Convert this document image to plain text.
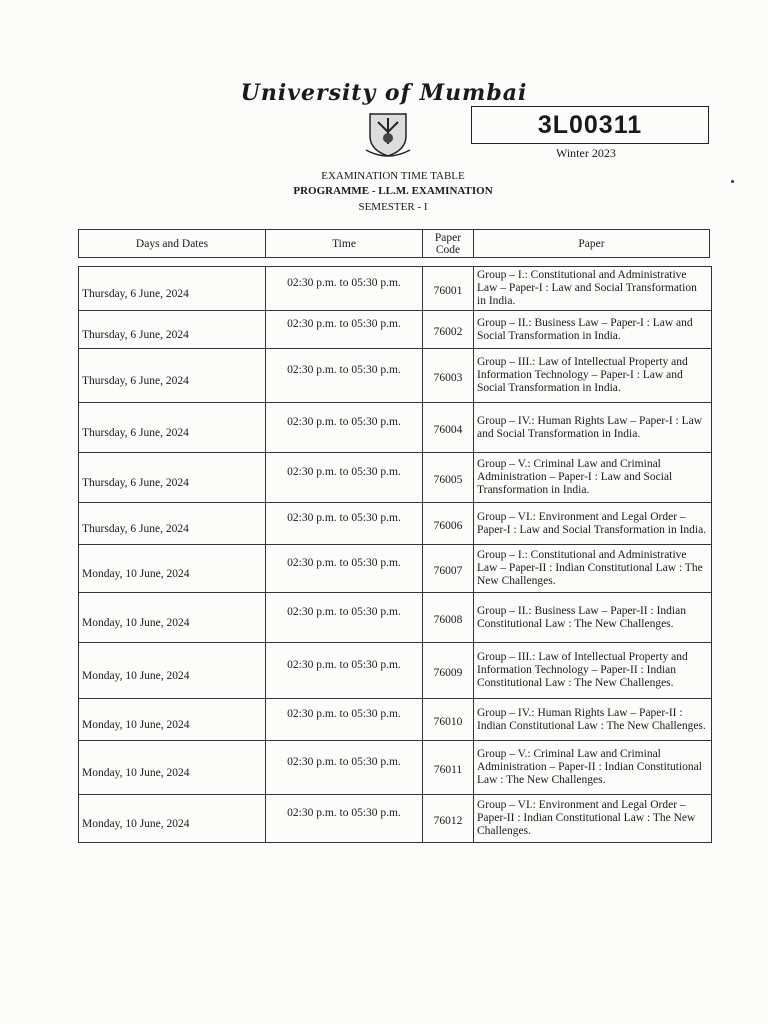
University of Mumbai
3L00311
Winter 2023
EXAMINATION TIME TABLE
PROGRAMME - LL.M. EXAMINATION
SEMESTER - I
Days and Dates	Time	Paper Code	Paper
Thursday, 6 June, 2024	02:30 p.m. to 05:30 p.m.	76001	Group – I.: Constitutional and Administrative Law – Paper-I : Law and Social Transformation in India.

Thursday, 6 June, 2024	02:30 p.m. to 05:30 p.m.	76002	Group – II.: Business Law – Paper-I : Law and Social Transformation in India.

Thursday, 6 June, 2024	02:30 p.m. to 05:30 p.m.	76003	Group – III.: Law of Intellectual Property and Information Technology – Paper-I : Law and Social Transformation in India.

Thursday, 6 June, 2024	02:30 p.m. to 05:30 p.m.	76004	Group – IV.: Human Rights Law – Paper-I : Law and Social Transformation in India.

Thursday, 6 June, 2024	02:30 p.m. to 05:30 p.m.	76005	Group – V.: Criminal Law and Criminal Administration – Paper-I : Law and Social Transformation in India.

Thursday, 6 June, 2024	02:30 p.m. to 05:30 p.m.	76006	Group – VI.: Environment and Legal Order – Paper-I : Law and Social Transformation in India.

Monday, 10 June, 2024	02:30 p.m. to 05:30 p.m.	76007	Group – I.: Constitutional and Administrative Law – Paper-II : Indian Constitutional Law : The New Challenges.

Monday, 10 June, 2024	02:30 p.m. to 05:30 p.m.	76008	Group – II.: Business Law – Paper-II : Indian Constitutional Law : The New Challenges.

Monday, 10 June, 2024	02:30 p.m. to 05:30 p.m.	76009	Group – III.: Law of Intellectual Property and Information Technology – Paper-II : Indian Constitutional Law : The New Challenges.

Monday, 10 June, 2024	02:30 p.m. to 05:30 p.m.	76010	Group – IV.: Human Rights Law – Paper-II : Indian Constitutional Law : The New Challenges.

Monday, 10 June, 2024	02:30 p.m. to 05:30 p.m.	76011	Group – V.: Criminal Law and Criminal Administration – Paper-II : Indian Constitutional Law : The New Challenges.

Monday, 10 June, 2024	02:30 p.m. to 05:30 p.m.	76012	Group – VI.: Environment and Legal Order – Paper-II : Indian Constitutional Law : The New Challenges.
